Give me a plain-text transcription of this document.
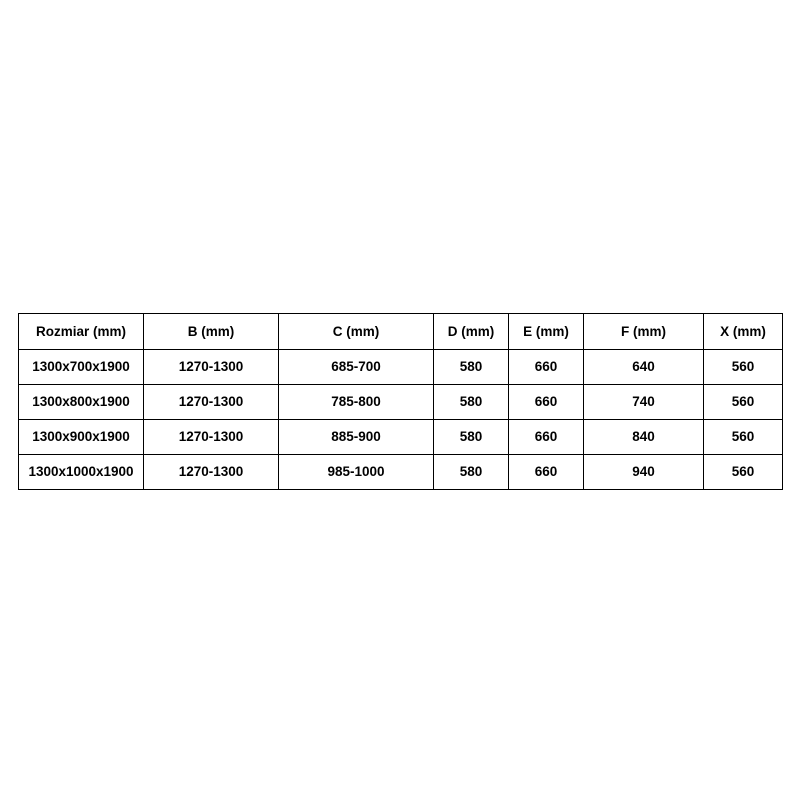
Rozmiar (mm)	B (mm)	C (mm)	D (mm)	E (mm)	F (mm)	X (mm)
1300x700x1900	1270-1300	685-700	580	660	640	560
1300x800x1900	1270-1300	785-800	580	660	740	560
1300x900x1900	1270-1300	885-900	580	660	840	560
1300x1000x1900	1270-1300	985-1000	580	660	940	560
